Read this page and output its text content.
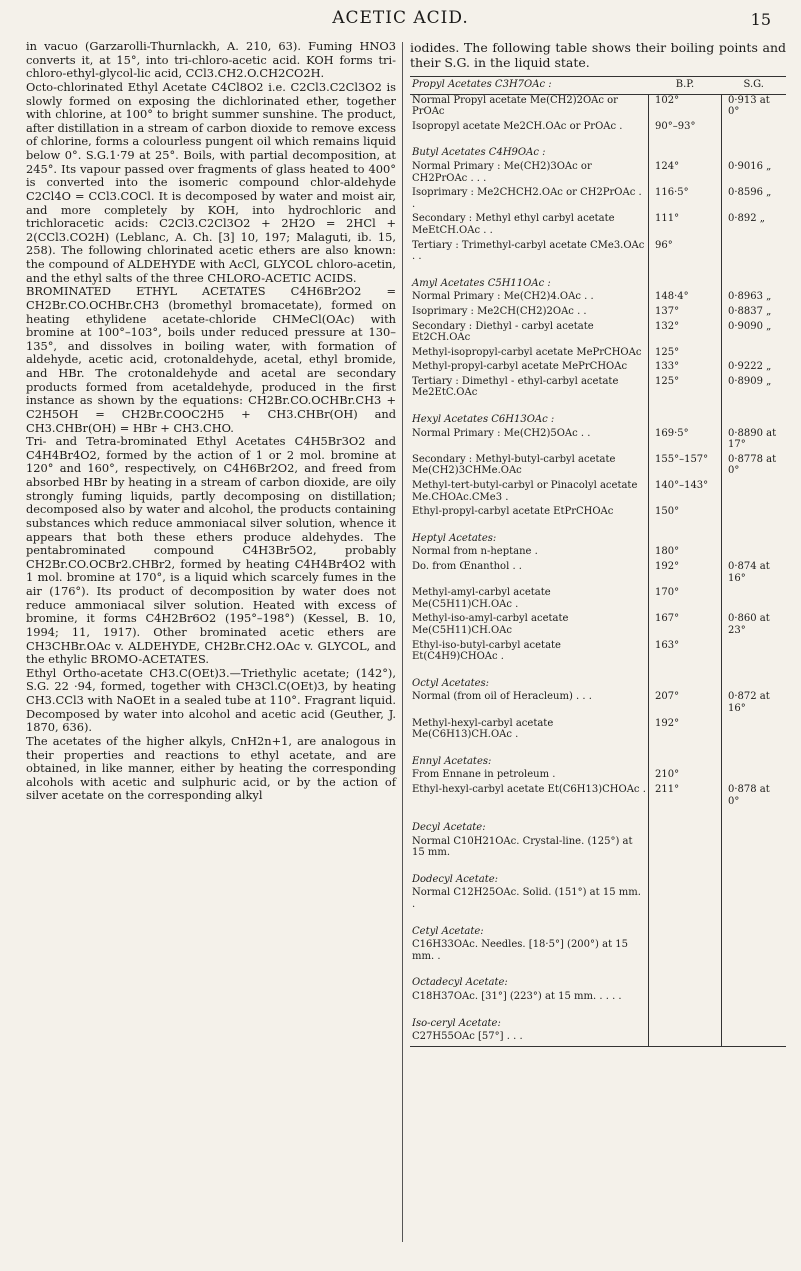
ACETIC ACID.	15

in vacuo (Garzarolli-Thurnlackh, A. 210, 63). Fuming HNO3 converts it, at 15°, into tri-chloro-acetic acid. KOH forms tri-chloro-ethyl-glycol-lic acid, CCl3.CH2.O.CH2CO2H.

Octo-chlorinated Ethyl Acetate C4Cl8O2 i.e. C2Cl3.C2Cl3O2 is slowly formed on exposing the dichlorinated ether, together with chlorine, at 100° to bright summer sunshine. The product, after distillation in a stream of carbon dioxide to remove excess of chlorine, forms a colourless pungent oil which remains liquid below 0°. S.G.1·79 at 25°. Boils, with partial decomposition, at 245°. Its vapour passed over fragments of glass heated to 400° is converted into the isomeric compound chlor-aldehyde C2Cl4O = CCl3.COCl. It is decomposed by water and moist air, and more completely by KOH, into hydrochloric and trichloracetic acids: C2Cl3.C2Cl3O2 + 2H2O = 2HCl + 2(CCl3.CO2H) (Leblanc, A. Ch. [3] 10, 197; Malaguti, ib. 15, 258). The following chlorinated acetic ethers are also known: the compound of ALDEHYDE with AcCl, GLYCOL chloro-acetin, and the ethyl salts of the three CHLORO-ACETIC ACIDS.

BROMINATED ETHYL ACETATES C4H6Br2O2 = CH2Br.CO.OCHBr.CH3 (bromethyl bromacetate), formed on heating ethylidene acetate-chloride CHMeCl(OAc) with bromine at 100°–103°, boils under reduced pressure at 130–135°, and dissolves in boiling water, with formation of aldehyde, acetic acid, crotonaldehyde, acetal, ethyl bromide, and HBr. The crotonaldehyde and acetal are secondary products formed from acetaldehyde, produced in the first instance as shown by the equations: CH2Br.CO.OCHBr.CH3 + C2H5OH = CH2Br.COOC2H5 + CH3.CHBr(OH) and CH3.CHBr(OH) = HBr + CH3.CHO.

Tri- and Tetra-brominated Ethyl Acetates C4H5Br3O2 and C4H4Br4O2, formed by the action of 1 or 2 mol. bromine at 120° and 160°, respectively, on C4H6Br2O2, and freed from absorbed HBr by heating in a stream of carbon dioxide, are oily strongly fuming liquids, partly decomposing on distillation; decomposed also by water and alcohol, the products containing substances which reduce ammoniacal silver solution, whence it appears that both these ethers produce aldehydes. The pentabrominated compound C4H3Br5O2, probably CH2Br.CO.OCBr2.CHBr2, formed by heating C4H4Br4O2 with 1 mol. bromine at 170°, is a liquid which scarcely fumes in the air (176°). Its product of decomposition by water does not reduce ammoniacal silver solution. Heated with excess of bromine, it forms C4H2Br6O2 (195°–198°) (Kessel, B. 10, 1994; 11, 1917). Other brominated acetic ethers are CH3CHBr.OAc v. ALDEHYDE, CH2Br.CH2.OAc v. GLYCOL, and the ethylic BROMO-ACETATES.

Ethyl Ortho-acetate CH3.C(OEt)3.—Triethylic acetate; (142°), S.G. 22 ·94, formed, together with CH3Cl.C(OEt)3, by heating CH3.CCl3 with NaOEt in a sealed tube at 110°. Fragrant liquid. Decomposed by water into alcohol and acetic acid (Geuther, J. 1870, 636).

The acetates of the higher alkyls, CnH2n+1, are analogous in their properties and reactions to ethyl acetate, and are obtained, in like manner, either by heating the corresponding alcohols with acetic and sulphuric acid, or by the action of silver acetate on the corresponding alkyl

iodides. The following table shows their boiling points and their S.G. in the liquid state.

Propyl Acetates C3H7OAc :	B.P.	S.G.
Normal Propyl acetate Me(CH2)2OAc or PrOAc	102°	0·913 at 0°
Isopropyl acetate Me2CH.OAc or PrOAc .	90°–93°	
Butyl Acetates C4H9OAc :		
Normal Primary : Me(CH2)3OAc or CH2PrOAc . . .	124°	0·9016 „
Isoprimary : Me2CHCH2.OAc or CH2PrOAc . .	116·5°	0·8596 „
Secondary : Methyl ethyl carbyl acetate MeEtCH.OAc . .	111°	0·892 „
Tertiary : Trimethyl-carbyl acetate CMe3.OAc . .	96°	
Amyl Acetates C5H11OAc :		
Normal Primary : Me(CH2)4.OAc . .	148·4°	0·8963 „
Isoprimary : Me2CH(CH2)2OAc . .	137°	0·8837 „
Secondary : Diethyl - carbyl acetate Et2CH.OAc	132°	0·9090 „
Methyl-isopropyl-carbyl acetate MePrCHOAc	125°	
Methyl-propyl-carbyl acetate MePrCHOAc	133°	0·9222 „
Tertiary : Dimethyl - ethyl-carbyl acetate Me2EtC.OAc	125°	0·8909 „
Hexyl Acetates C6H13OAc :		
Normal Primary : Me(CH2)5OAc . .	169·5°	0·8890 at 17°
Secondary : Methyl-butyl-carbyl acetate Me(CH2)3CHMe.OAc	155°–157°	0·8778 at 0°
Methyl-tert-butyl-carbyl or Pinacolyl acetate Me.CHOAc.CMe3 .	140°–143°	
Ethyl-propyl-carbyl acetate EtPrCHOAc	150°	
Heptyl Acetates:		
Normal from n-heptane .	180°	
Do. from Œnanthol . .	192°	0·874 at 16°
Methyl-amyl-carbyl acetate Me(C5H11)CH.OAc .	170°	
Methyl-iso-amyl-carbyl acetate Me(C5H11)CH.OAc	167°	0·860 at 23°
Ethyl-iso-butyl-carbyl acetate Et(C4H9)CHOAc .	163°	
Octyl Acetates:		
Normal (from oil of Heracleum) . . .	207°	0·872 at 16°
Methyl-hexyl-carbyl acetate Me(C6H13)CH.OAc .	192°	
Ennyl Acetates:		
From Ennane in petroleum .	210°	
Ethyl-hexyl-carbyl acetate Et(C6H13)CHOAc .	211°	0·878 at 0°
Decyl Acetate:		
Normal C10H21OAc. Crystal-line. (125°) at 15 mm.		
Dodecyl Acetate:		
Normal C12H25OAc. Solid. (151°) at 15 mm. .		
Cetyl Acetate:		
C16H33OAc. Needles. [18·5°] (200°) at 15 mm. .		
Octadecyl Acetate:		
C18H37OAc. [31°] (223°) at 15 mm. . . . .		
Iso-ceryl Acetate:		
C27H55OAc [57°] . . .		
